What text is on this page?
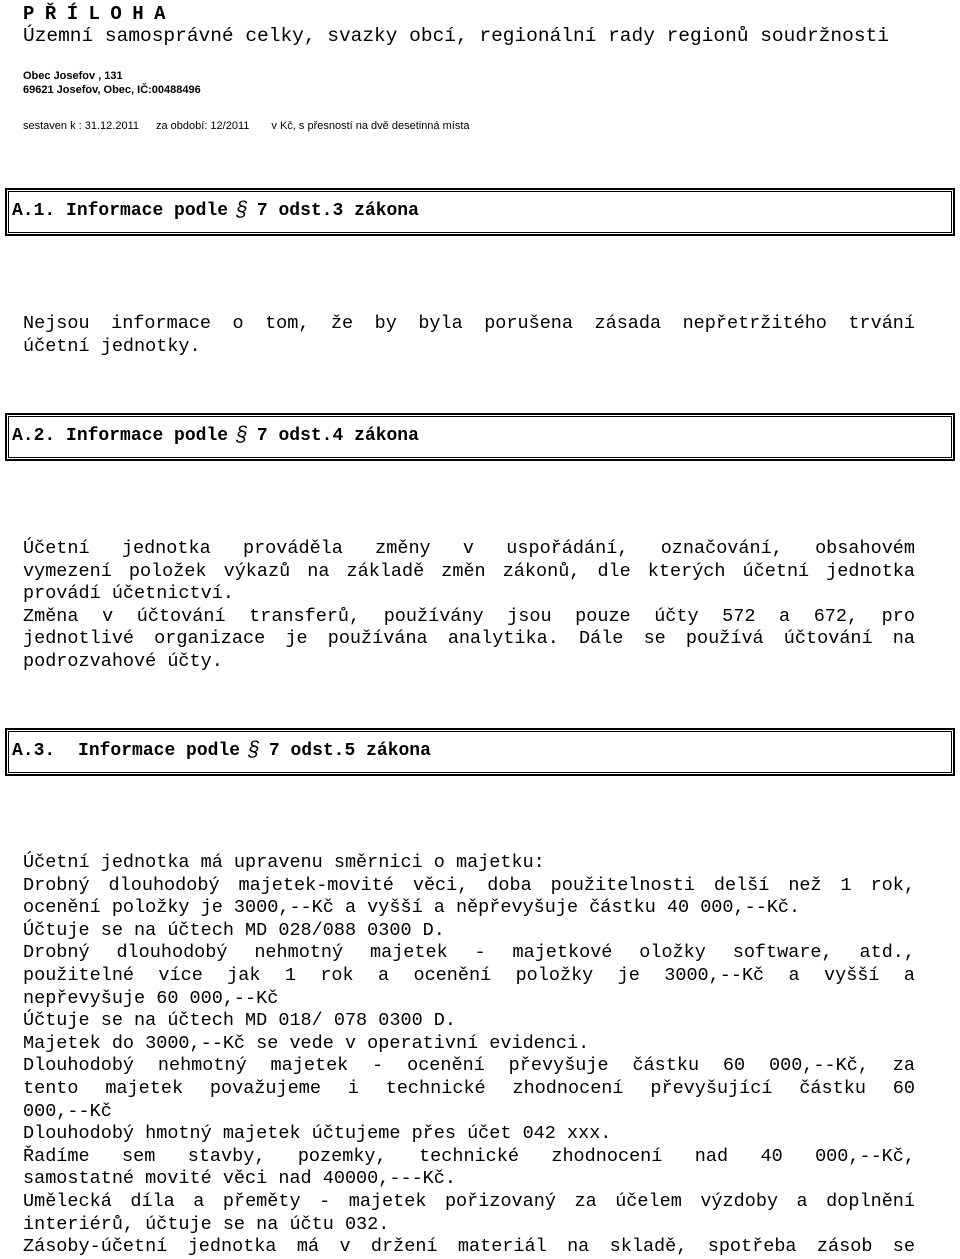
PŘÍLOHA
Územní samosprávné celky, svazky obcí, regionální rady regionů soudržnosti
Obec Josefov , 131
69621 Josefov, Obec, IČ:00488496
sestaven k : 31.12.2011 za období: 12/2011 v Kč, s přesností na dvě desetinná místa
A.1. Informace podle § 7 odst.3 zákona
Nejsou informace o tom, že by byla porušena zásada nepřetržitého trvání
účetní jednotky.
A.2. Informace podle § 7 odst.4 zákona
Účetní jednotka prováděla změny v uspořádání, označování, obsahovém
vymezení položek výkazů na základě změn zákonů, dle kterých účetní jednotka
provádí účetnictví.
Změna v účtování transferů, používány jsou pouze účty 572 a 672, pro
jednotlivé organizace je používána analytika. Dále se používá účtování na
podrozvahové účty.
A.3. Informace podle § 7 odst.5 zákona
Účetní jednotka má upravenu směrnici o majetku:
Drobný dlouhodobý majetek-movité věci, doba použitelnosti delší než 1 rok,
ocenění položky je 3000,--Kč a vyšší a něpřevyšuje částku 40 000,--Kč.
Účtuje se na účtech MD 028/088 0300 D.
Drobný dlouhodobý nehmotný majetek - majetkové oložky software, atd.,
použitelné více jak 1 rok a ocenění položky je 3000,--Kč a vyšší a
nepřevyšuje 60 000,--Kč
Účtuje se na účtech MD 018/ 078 0300 D.
Majetek do 3000,--Kč se vede v operativní evidenci.
Dlouhodobý nehmotný majetek - ocenění převyšuje částku 60 000,--Kč, za
tento majetek považujeme i technické zhodnocení převyšující částku 60
000,--Kč
Dlouhodobý hmotný majetek účtujeme přes účet 042 xxx.
Řadíme sem stavby, pozemky, technické zhodnocení nad 40 000,--Kč,
samostatné movité věci nad 40000,---Kč.
Umělecká díla a přeměty - majetek pořizovaný za účelem výzdoby a doplnění
interiérů, účtuje se na účtu 032.
Zásoby-účetní jednotka má v držení materiál na skladě, spotřeba zásob se
